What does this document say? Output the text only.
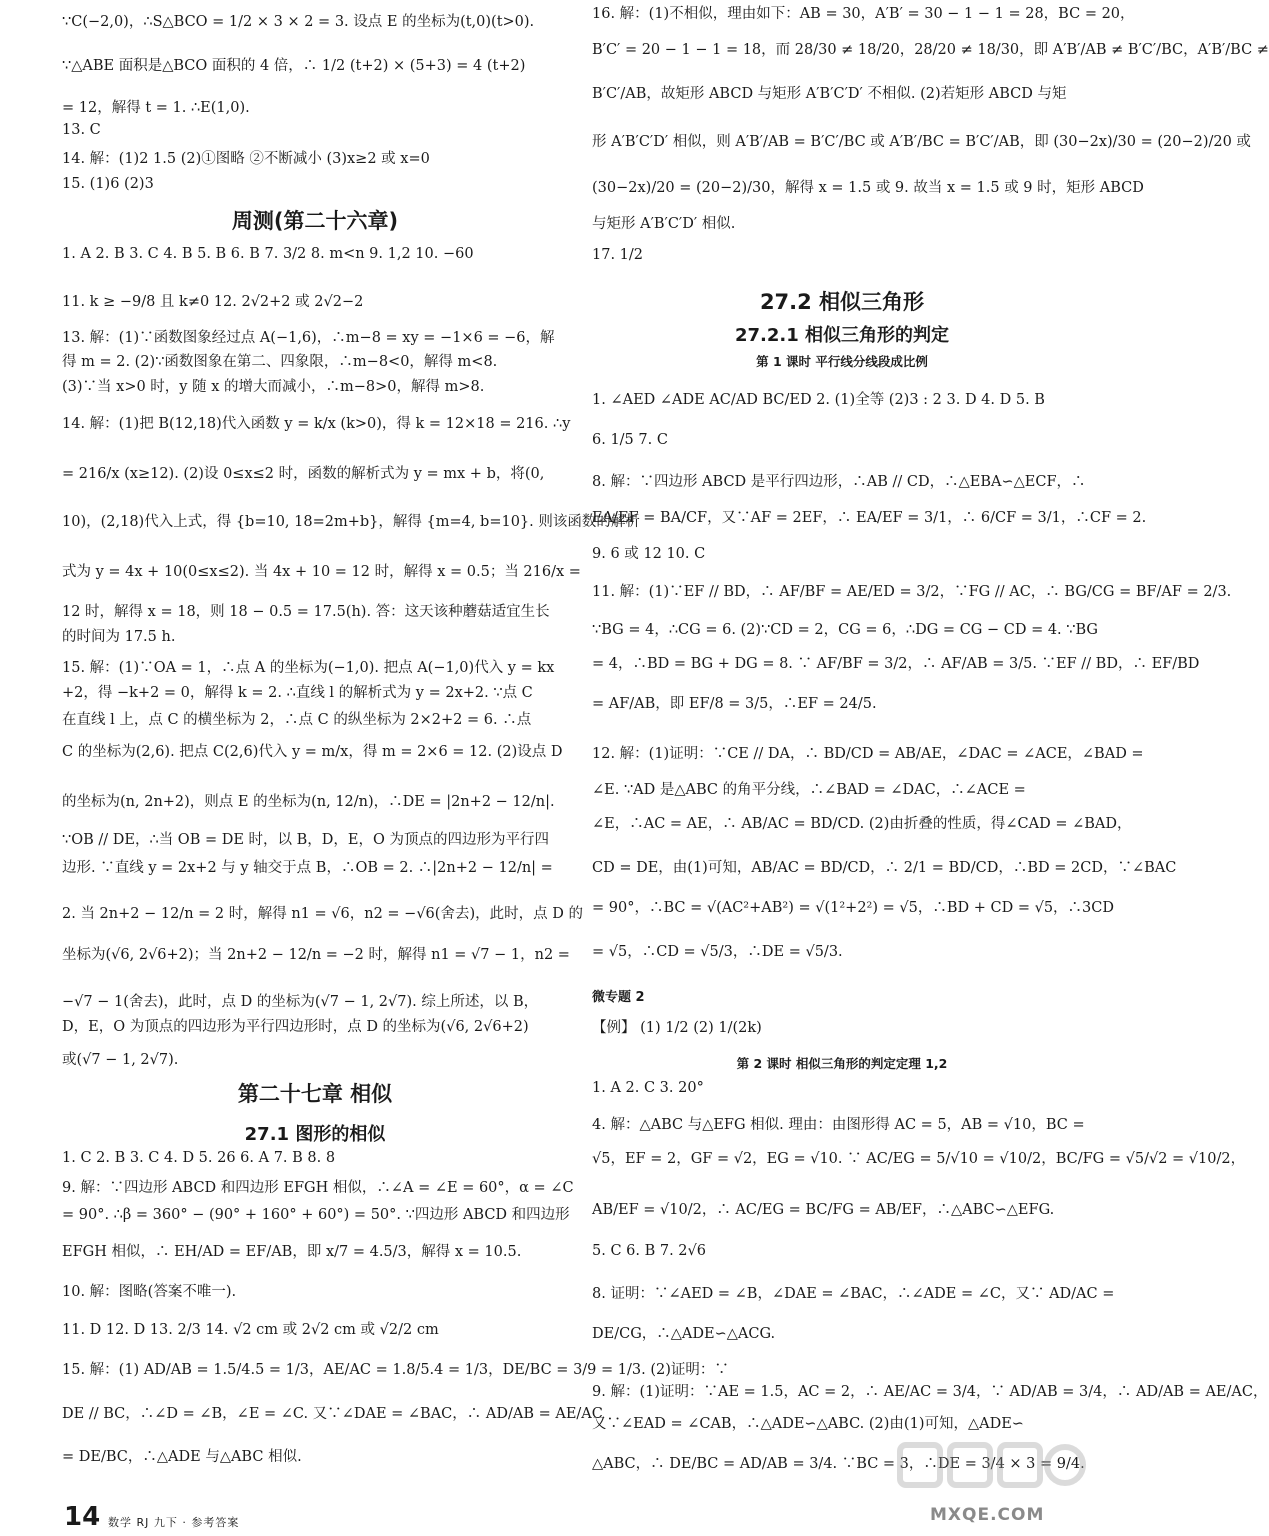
∵C(−2,0)，∴S△BCO = 1/2 × 3 × 2 = 3. 设点 E 的坐标为(t,0)(t>0).
∵△ABE 面积是△BCO 面积的 4 倍，∴ 1/2 (t+2) × (5+3) = 4 (t+2)
= 12，解得 t = 1. ∴E(1,0).
13. C
14. 解：(1)2 1.5 (2)①图略 ②不断减小 (3)x≥2 或 x=0
15. (1)6 (2)3
周测(第二十六章)
1. A 2. B 3. C 4. B 5. B 6. B 7. 3/2 8. m<n 9. 1,2 10. −60
11. k ≥ −9/8 且 k≠0 12. 2√2+2 或 2√2−2
13. 解：(1)∵函数图象经过点 A(−1,6)，∴m−8 = xy = −1×6 = −6，解
得 m = 2. (2)∵函数图象在第二、四象限，∴m−8<0，解得 m<8.
(3)∵当 x>0 时，y 随 x 的增大而减小，∴m−8>0，解得 m>8.
14. 解：(1)把 B(12,18)代入函数 y = k/x (k>0)，得 k = 12×18 = 216. ∴y
= 216/x (x≥12). (2)设 0≤x≤2 时，函数的解析式为 y = mx + b，将(0,
10)，(2,18)代入上式，得 {b=10, 18=2m+b}，解得 {m=4, b=10}. 则该函数的解析
式为 y = 4x + 10(0≤x≤2). 当 4x + 10 = 12 时，解得 x = 0.5；当 216/x =
12 时，解得 x = 18，则 18 − 0.5 = 17.5(h). 答：这天该种蘑菇适宜生长
的时间为 17.5 h.
15. 解：(1)∵OA = 1，∴点 A 的坐标为(−1,0). 把点 A(−1,0)代入 y = kx
+2，得 −k+2 = 0，解得 k = 2. ∴直线 l 的解析式为 y = 2x+2. ∵点 C
在直线 l 上，点 C 的横坐标为 2，∴点 C 的纵坐标为 2×2+2 = 6. ∴点
C 的坐标为(2,6). 把点 C(2,6)代入 y = m/x，得 m = 2×6 = 12. (2)设点 D
的坐标为(n, 2n+2)，则点 E 的坐标为(n, 12/n)，∴DE = |2n+2 − 12/n|.
∵OB // DE，∴当 OB = DE 时，以 B，D，E，O 为顶点的四边形为平行四
边形. ∵直线 y = 2x+2 与 y 轴交于点 B，∴OB = 2. ∴|2n+2 − 12/n| =
2. 当 2n+2 − 12/n = 2 时，解得 n1 = √6，n2 = −√6(舍去)，此时，点 D 的
坐标为(√6, 2√6+2)；当 2n+2 − 12/n = −2 时，解得 n1 = √7 − 1，n2 =
−√7 − 1(舍去)，此时，点 D 的坐标为(√7 − 1, 2√7). 综上所述，以 B，
D，E，O 为顶点的四边形为平行四边形时，点 D 的坐标为(√6, 2√6+2)
或(√7 − 1, 2√7).
第二十七章 相似
27.1 图形的相似
1. C 2. B 3. C 4. D 5. 26 6. A 7. B 8. 8
9. 解：∵四边形 ABCD 和四边形 EFGH 相似，∴∠A = ∠E = 60°，α = ∠C
= 90°. ∴β = 360° − (90° + 160° + 60°) = 50°. ∵四边形 ABCD 和四边形
EFGH 相似，∴ EH/AD = EF/AB，即 x/7 = 4.5/3，解得 x = 10.5.
10. 解：图略(答案不唯一).
11. D 12. D 13. 2/3 14. √2 cm 或 2√2 cm 或 √2/2 cm
15. 解：(1) AD/AB = 1.5/4.5 = 1/3，AE/AC = 1.8/5.4 = 1/3，DE/BC = 3/9 = 1/3. (2)证明：∵
DE // BC，∴∠D = ∠B，∠E = ∠C. 又∵∠DAE = ∠BAC，∴ AD/AB = AE/AC
= DE/BC，∴△ADE 与△ABC 相似.
16. 解：(1)不相似，理由如下：AB = 30，A′B′ = 30 − 1 − 1 = 28，BC = 20，
B′C′ = 20 − 1 − 1 = 18，而 28/30 ≠ 18/20，28/20 ≠ 18/30，即 A′B′/AB ≠ B′C′/BC，A′B′/BC ≠
B′C′/AB，故矩形 ABCD 与矩形 A′B′C′D′ 不相似. (2)若矩形 ABCD 与矩
形 A′B′C′D′ 相似，则 A′B′/AB = B′C′/BC 或 A′B′/BC = B′C′/AB，即 (30−2x)/30 = (20−2)/20 或
(30−2x)/20 = (20−2)/30，解得 x = 1.5 或 9. 故当 x = 1.5 或 9 时，矩形 ABCD
与矩形 A′B′C′D′ 相似.
17. 1/2
27.2 相似三角形
27.2.1 相似三角形的判定
第 1 课时 平行线分线段成比例
1. ∠AED ∠ADE AC/AD BC/ED 2. (1)全等 (2)3 : 2 3. D 4. D 5. B
6. 1/5 7. C
8. 解：∵四边形 ABCD 是平行四边形，∴AB // CD，∴△EBA∽△ECF，∴
EA/EF = BA/CF，又∵AF = 2EF，∴ EA/EF = 3/1，∴ 6/CF = 3/1，∴CF = 2.
9. 6 或 12 10. C
11. 解：(1)∵EF // BD，∴ AF/BF = AE/ED = 3/2，∵FG // AC，∴ BG/CG = BF/AF = 2/3.
∵BG = 4，∴CG = 6. (2)∵CD = 2，CG = 6，∴DG = CG − CD = 4. ∵BG
= 4，∴BD = BG + DG = 8. ∵ AF/BF = 3/2，∴ AF/AB = 3/5. ∵EF // BD，∴ EF/BD
= AF/AB，即 EF/8 = 3/5，∴EF = 24/5.
12. 解：(1)证明：∵CE // DA，∴ BD/CD = AB/AE，∠DAC = ∠ACE，∠BAD =
∠E. ∵AD 是△ABC 的角平分线，∴∠BAD = ∠DAC，∴∠ACE =
∠E，∴AC = AE，∴ AB/AC = BD/CD. (2)由折叠的性质，得∠CAD = ∠BAD，
CD = DE，由(1)可知，AB/AC = BD/CD，∴ 2/1 = BD/CD，∴BD = 2CD，∵∠BAC
= 90°，∴BC = √(AC²+AB²) = √(1²+2²) = √5，∴BD + CD = √5，∴3CD
= √5，∴CD = √5/3，∴DE = √5/3.
微专题 2
【例】 (1) 1/2 (2) 1/(2k)
第 2 课时 相似三角形的判定定理 1,2
1. A 2. C 3. 20°
4. 解：△ABC 与△EFG 相似. 理由：由图形得 AC = 5，AB = √10，BC =
√5，EF = 2，GF = √2，EG = √10. ∵ AC/EG = 5/√10 = √10/2，BC/FG = √5/√2 = √10/2，
AB/EF = √10/2，∴ AC/EG = BC/FG = AB/EF，∴△ABC∽△EFG.
5. C 6. B 7. 2√6
8. 证明：∵∠AED = ∠B，∠DAE = ∠BAC，∴∠ADE = ∠C，又∵ AD/AC =
DE/CG，∴△ADE∽△ACG.
9. 解：(1)证明：∵AE = 1.5，AC = 2，∴ AE/AC = 3/4，∵ AD/AB = 3/4，∴ AD/AB = AE/AC，
又∵∠EAD = ∠CAB，∴△ADE∽△ABC. (2)由(1)可知，△ADE∽
△ABC，∴ DE/BC = AD/AB = 3/4. ∵BC = 3，∴DE = 3/4 × 3 = 9/4.
14 数学 RJ 九下 · 参考答案	MXQE.COM
